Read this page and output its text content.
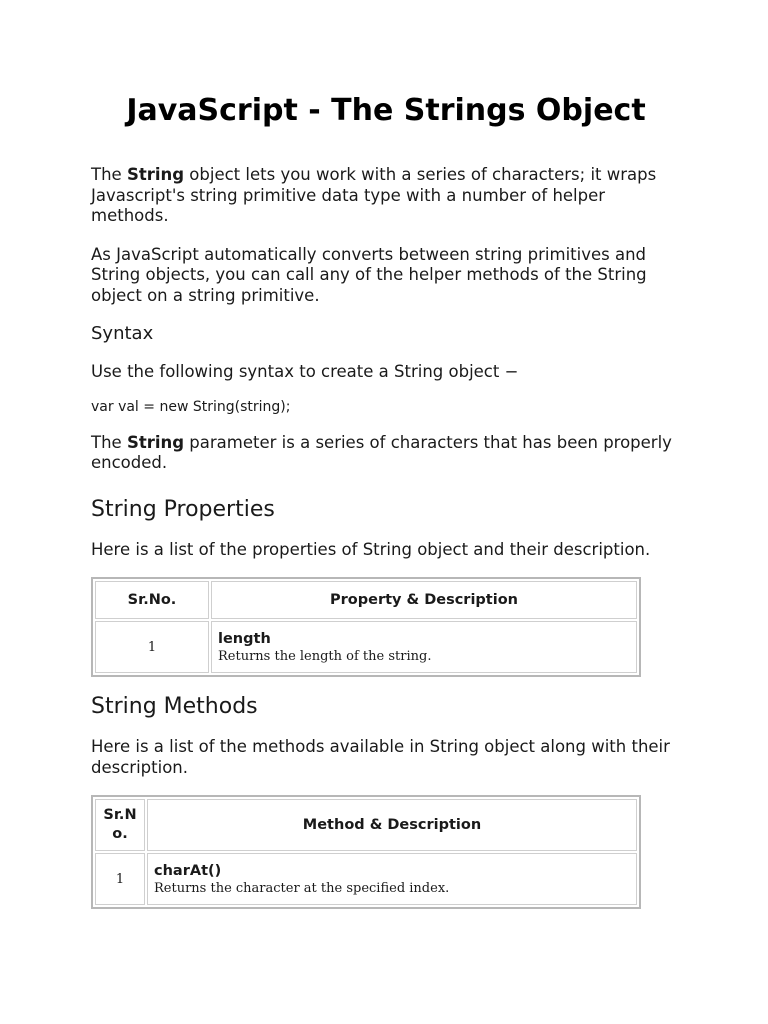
JavaScript - The Strings Object

The String object lets you work with a series of characters; it wraps Javascript's string primitive data type with a number of helper methods.

As JavaScript automatically converts between string primitives and String objects, you can call any of the helper methods of the String object on a string primitive.

Syntax

Use the following syntax to create a String object −

var val = new String(string);

The String parameter is a series of characters that has been properly encoded.

String Properties

Here is a list of the properties of String object and their description.

Sr.No.	Property & Description
1	length
Returns the length of the string.
String Methods

Here is a list of the methods available in String object along with their description.

Sr.N o.	Method & Description
1	charAt()
Returns the character at the specified index.
